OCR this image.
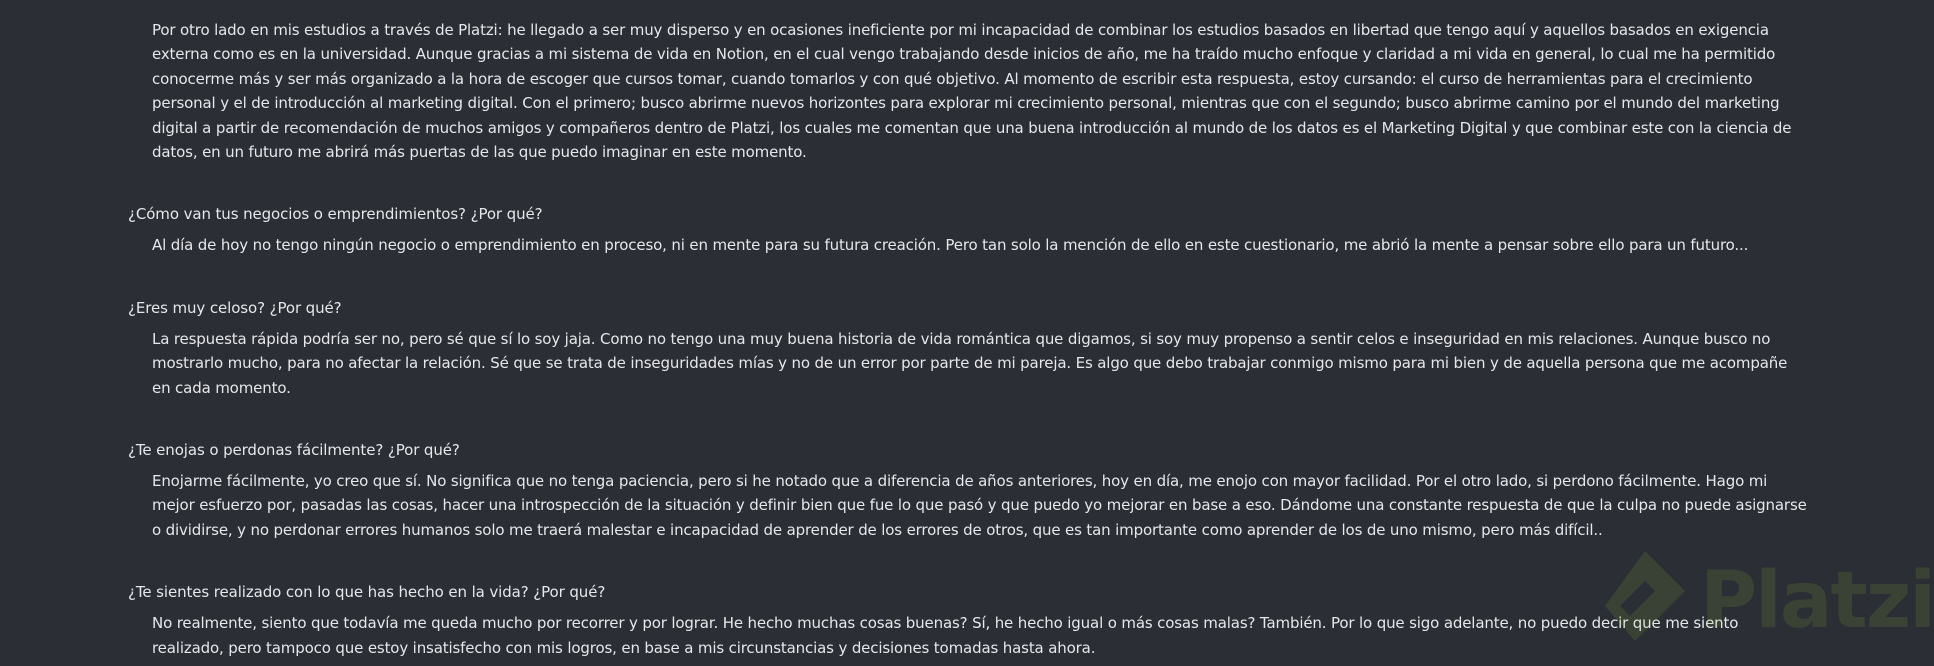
Por otro lado en mis estudios a través de Platzi: he llegado a ser muy disperso y en ocasiones ineficiente por mi incapacidad de combinar los estudios basados en libertad que tengo aquí y aquellos basados en exigencia externa como es en la universidad. Aunque gracias a mi sistema de vida en Notion, en el cual vengo trabajando desde inicios de año, me ha traído mucho enfoque y claridad a mi vida en general, lo cual me ha permitido conocerme más y ser más organizado a la hora de escoger que cursos tomar, cuando tomarlos y con qué objetivo. Al momento de escribir esta respuesta, estoy cursando: el curso de herramientas para el crecimiento personal y el de introducción al marketing digital. Con el primero; busco abrirme nuevos horizontes para explorar mi crecimiento personal, mientras que con el segundo; busco abrirme camino por el mundo del marketing digital a partir de recomendación de muchos amigos y compañeros dentro de Platzi, los cuales me comentan que una buena introducción al mundo de los datos es el Marketing Digital y que combinar este con la ciencia de datos, en un futuro me abrirá más puertas de las que puedo imaginar en este momento.

¿Cómo van tus negocios o emprendimientos? ¿Por qué?

Al día de hoy no tengo ningún negocio o emprendimiento en proceso, ni en mente para su futura creación. Pero tan solo la mención de ello en este cuestionario, me abrió la mente a pensar sobre ello para un futuro...

¿Eres muy celoso? ¿Por qué?

La respuesta rápida podría ser no, pero sé que sí lo soy jaja. Como no tengo una muy buena historia de vida romántica que digamos, si soy muy propenso a sentir celos e inseguridad en mis relaciones. Aunque busco no mostrarlo mucho, para no afectar la relación. Sé que se trata de inseguridades mías y no de un error por parte de mi pareja. Es algo que debo trabajar conmigo mismo para mi bien y de aquella persona que me acompañe en cada momento.

¿Te enojas o perdonas fácilmente? ¿Por qué?

Enojarme fácilmente, yo creo que sí. No significa que no tenga paciencia, pero si he notado que a diferencia de años anteriores, hoy en día, me enojo con mayor facilidad. Por el otro lado, si perdono fácilmente. Hago mi mejor esfuerzo por, pasadas las cosas, hacer una introspección de la situación y definir bien que fue lo que pasó y que puedo yo mejorar en base a eso. Dándome una constante respuesta de que la culpa no puede asignarse o dividirse, y no perdonar errores humanos solo me traerá malestar e incapacidad de aprender de los errores de otros, que es tan importante como aprender de los de uno mismo, pero más difícil..

¿Te sientes realizado con lo que has hecho en la vida? ¿Por qué?

No realmente, siento que todavía me queda mucho por recorrer y por lograr. He hecho muchas cosas buenas? Sí, he hecho igual o más cosas malas? También. Por lo que sigo adelante, no puedo decir que me siento realizado, pero tampoco que estoy insatisfecho con mis logros, en base a mis circunstancias y decisiones tomadas hasta ahora.

Platzi
